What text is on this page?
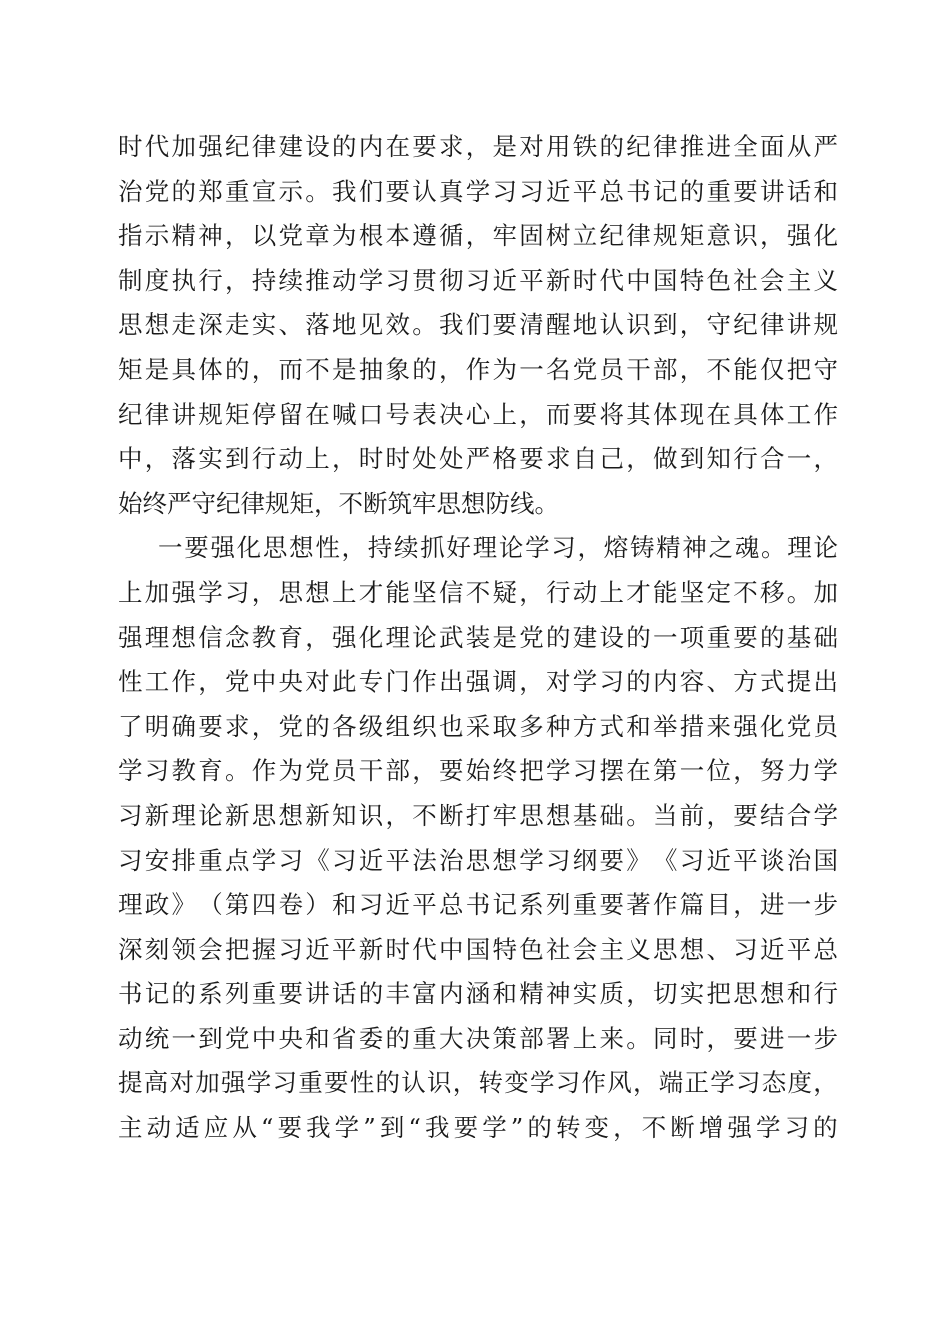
时 代 加 强 纪 律 建 设 的 内 在 要 求 ， 是 对 用 铁 的 纪 律 推 进 全 面 从 严
治 党 的 郑 重 宣 示 。 我 们 要 认 真 学 习 习 近 平 总 书 记 的 重 要 讲 话 和
指 示 精 神 ， 以 党 章 为 根 本 遵 循 ， 牢 固 树 立 纪 律 规 矩 意 识 ， 强 化
制 度 执 行 ， 持 续 推 动 学 习 贯 彻 习 近 平 新 时 代 中 国 特 色 社 会 主 义
思 想 走 深 走 实 、 落 地 见 效 。 我 们 要 清 醒 地 认 识 到 ， 守 纪 律 讲 规
矩 是 具 体 的 ， 而 不 是 抽 象 的 ， 作 为 一 名 党 员 干 部 ， 不 能 仅 把 守
纪 律 讲 规 矩 停 留 在 喊 口 号 表 决 心 上 ， 而 要 将 其 体 现 在 具 体 工 作
中 ， 落 实 到 行 动 上 ， 时 时 处 处 严 格 要 求 自 己 ， 做 到 知 行 合 一 ，
始终严守纪律规矩，不断筑牢思想防线。
一 要 强 化 思 想 性 ， 持 续 抓 好 理 论 学 习 ， 熔 铸 精 神 之 魂 。 理 论
上 加 强 学 习 ， 思 想 上 才 能 坚 信 不 疑 ， 行 动 上 才 能 坚 定 不 移 。 加
强 理 想 信 念 教 育 ， 强 化 理 论 武 装 是 党 的 建 设 的 一 项 重 要 的 基 础
性 工 作 ， 党 中 央 对 此 专 门 作 出 强 调 ， 对 学 习 的 内 容 、 方 式 提 出
了 明 确 要 求 ， 党 的 各 级 组 织 也 采 取 多 种 方 式 和 举 措 来 强 化 党 员
学 习 教 育 。 作 为 党 员 干 部 ， 要 始 终 把 学 习 摆 在 第 一 位 ， 努 力 学
习 新 理 论 新 思 想 新 知 识 ， 不 断 打 牢 思 想 基 础 。 当 前 ， 要 结 合 学
习 安 排 重 点 学 习 《 习 近 平 法 治 思 想 学 习 纲 要 》 《 习 近 平 谈 治 国
理 政 》 （ 第 四 卷 ） 和 习 近 平 总 书 记 系 列 重 要 著 作 篇 目 ， 进 一 步
深 刻 领 会 把 握 习 近 平 新 时 代 中 国 特 色 社 会 主 义 思 想 、 习 近 平 总
书 记 的 系 列 重 要 讲 话 的 丰 富 内 涵 和 精 神 实 质 ， 切 实 把 思 想 和 行
动 统 一 到 党 中 央 和 省 委 的 重 大 决 策 部 署 上 来 。 同 时 ， 要 进 一 步
提 高 对 加 强 学 习 重 要 性 的 认 识 ， 转 变 学 习 作 风 ， 端 正 学 习 态 度 ，
主 动 适 应 从 “ 要 我 学 ” 到 “ 我 要 学 ” 的 转 变 ， 不 断 增 强 学 习 的
